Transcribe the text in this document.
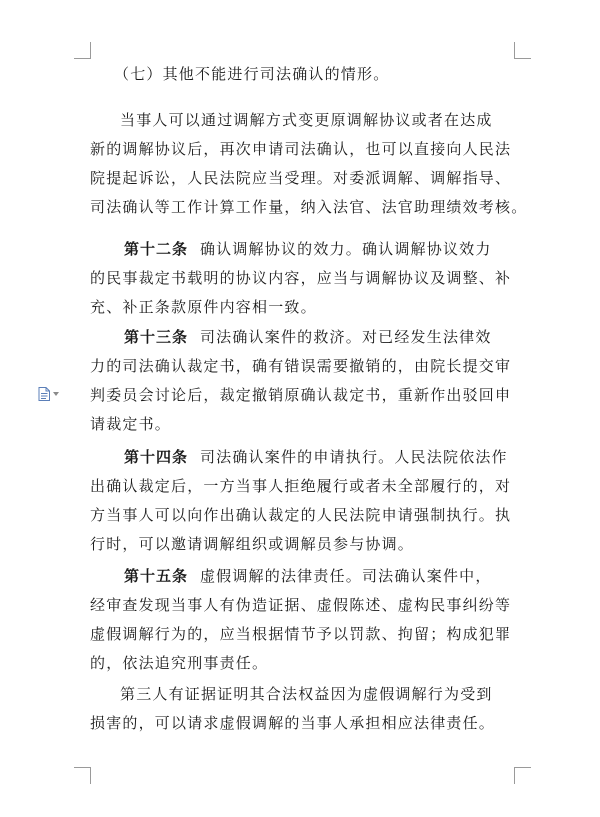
（七）其他不能进行司法确认的情形。
当事人可以通过调解方式变更原调解协议或者在达成
新的调解协议后，再次申请司法确认，也可以直接向人民法
院提起诉讼，人民法院应当受理。对委派调解、调解指导、
司法确认等工作计算工作量，纳入法官、法官助理绩效考核。
第十二条 确认调解协议的效力。确认调解协议效力
的民事裁定书载明的协议内容，应当与调解协议及调整、补
充、补正条款原件内容相一致。
第十三条 司法确认案件的救济。对已经发生法律效
力的司法确认裁定书，确有错误需要撤销的，由院长提交审
判委员会讨论后，裁定撤销原确认裁定书，重新作出驳回申
请裁定书。
第十四条 司法确认案件的申请执行。人民法院依法作
出确认裁定后，一方当事人拒绝履行或者未全部履行的，对
方当事人可以向作出确认裁定的人民法院申请强制执行。执
行时，可以邀请调解组织或调解员参与协调。
第十五条 虚假调解的法律责任。司法确认案件中，
经审查发现当事人有伪造证据、虚假陈述、虚构民事纠纷等
虚假调解行为的，应当根据情节予以罚款、拘留；构成犯罪
的，依法追究刑事责任。
第三人有证据证明其合法权益因为虚假调解行为受到
损害的，可以请求虚假调解的当事人承担相应法律责任。
